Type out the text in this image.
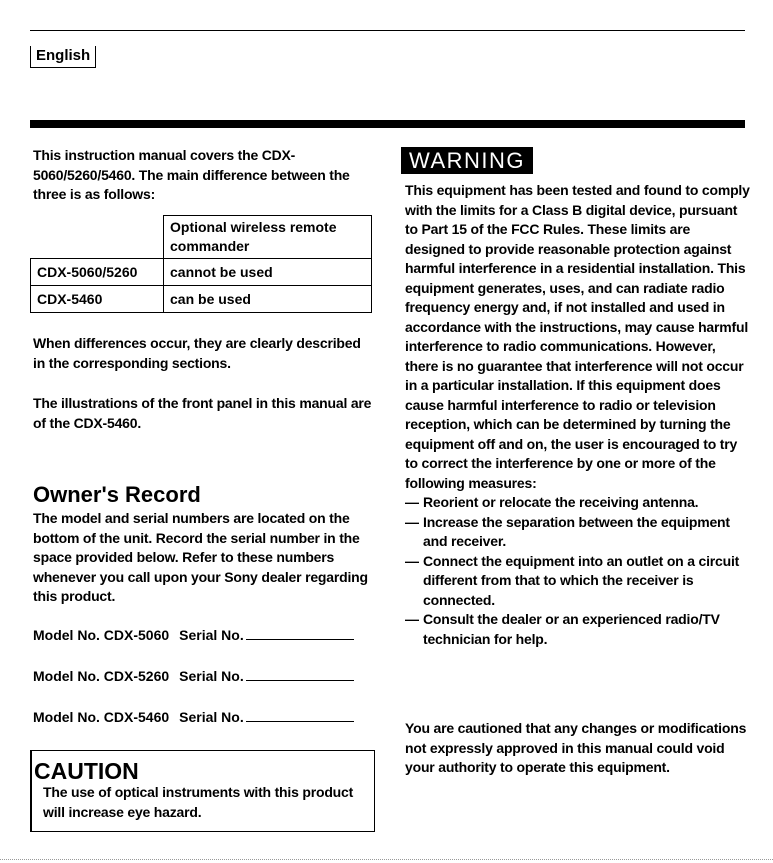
English

This instruction manual covers the CDX-5060/5260/5460. The main difference between the three is as follows:

	Optional wireless remote commander
CDX-5060/5260	cannot be used
CDX-5460	can be used

When differences occur, they are clearly described in the corresponding sections.

The illustrations of the front panel in this manual are of the CDX-5460.

Owner's Record

The model and serial numbers are located on the bottom of the unit. Record the serial number in the space provided below. Refer to these numbers whenever you call upon your Sony dealer regarding this product.

Model No. CDX-5060 Serial No.
Model No. CDX-5260 Serial No.
Model No. CDX-5460 Serial No.
CAUTION

The use of optical instruments with this product will increase eye hazard.

WARNING

This equipment has been tested and found to comply with the limits for a Class B digital device, pursuant to Part 15 of the FCC Rules. These limits are designed to provide reasonable protection against harmful interference in a residential installation. This equipment generates, uses, and can radiate radio frequency energy and, if not installed and used in accordance with the instructions, may cause harmful interference to radio communications. However, there is no guarantee that interference will not occur in a particular installation. If this equipment does cause harmful interference to radio or television reception, which can be determined by turning the equipment off and on, the user is encouraged to try to correct the interference by one or more of the following measures:

— Reorient or relocate the receiving antenna.
— Increase the separation between the equipment and receiver.
— Connect the equipment into an outlet on a circuit different from that to which the receiver is connected.
— Consult the dealer or an experienced radio/TV technician for help.

You are cautioned that any changes or modifications not expressly approved in this manual could void your authority to operate this equipment.
